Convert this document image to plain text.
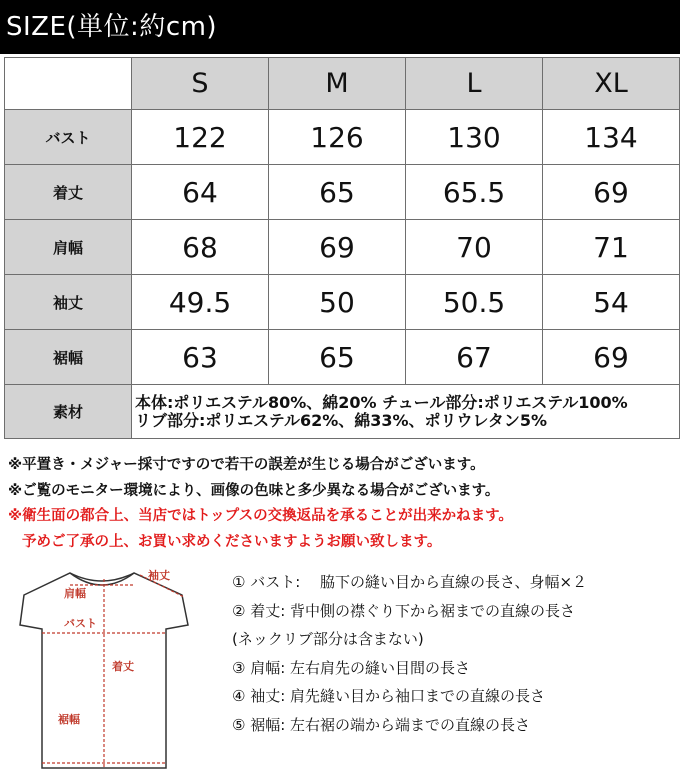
SIZE(単位:約cm)
	S	M	L	XL
バスト	122	126	130	134
着丈	64	65	65.5	69
肩幅	68	69	70	71
袖丈	49.5	50	50.5	54
裾幅	63	65	67	69
素材	本体:ポリエステル80%、綿20% チュール部分:ポリエステル100%
リブ部分:ポリエステル62%、綿33%、ポリウレタン5%			
※平置き・メジャー採寸ですので若干の誤差が生じる場合がございます。
※ご覧のモニター環境により、画像の色味と多少異なる場合がございます。
※衛生面の都合上、当店ではトップスの交換返品を承ることが出来かねます。
予めご了承の上、お買い求めくださいますようお願い致します。
袖丈
肩幅
バスト
着丈
裾幅
① バスト:　 脇下の縫い目から直線の長さ、身幅×２
② 着丈: 背中側の襟ぐり下から裾までの直線の長さ
(ネックリブ部分は含まない)
③ 肩幅: 左右肩先の縫い目間の長さ
④ 袖丈: 肩先縫い目から袖口までの直線の長さ
⑤ 裾幅: 左右裾の端から端までの直線の長さ
